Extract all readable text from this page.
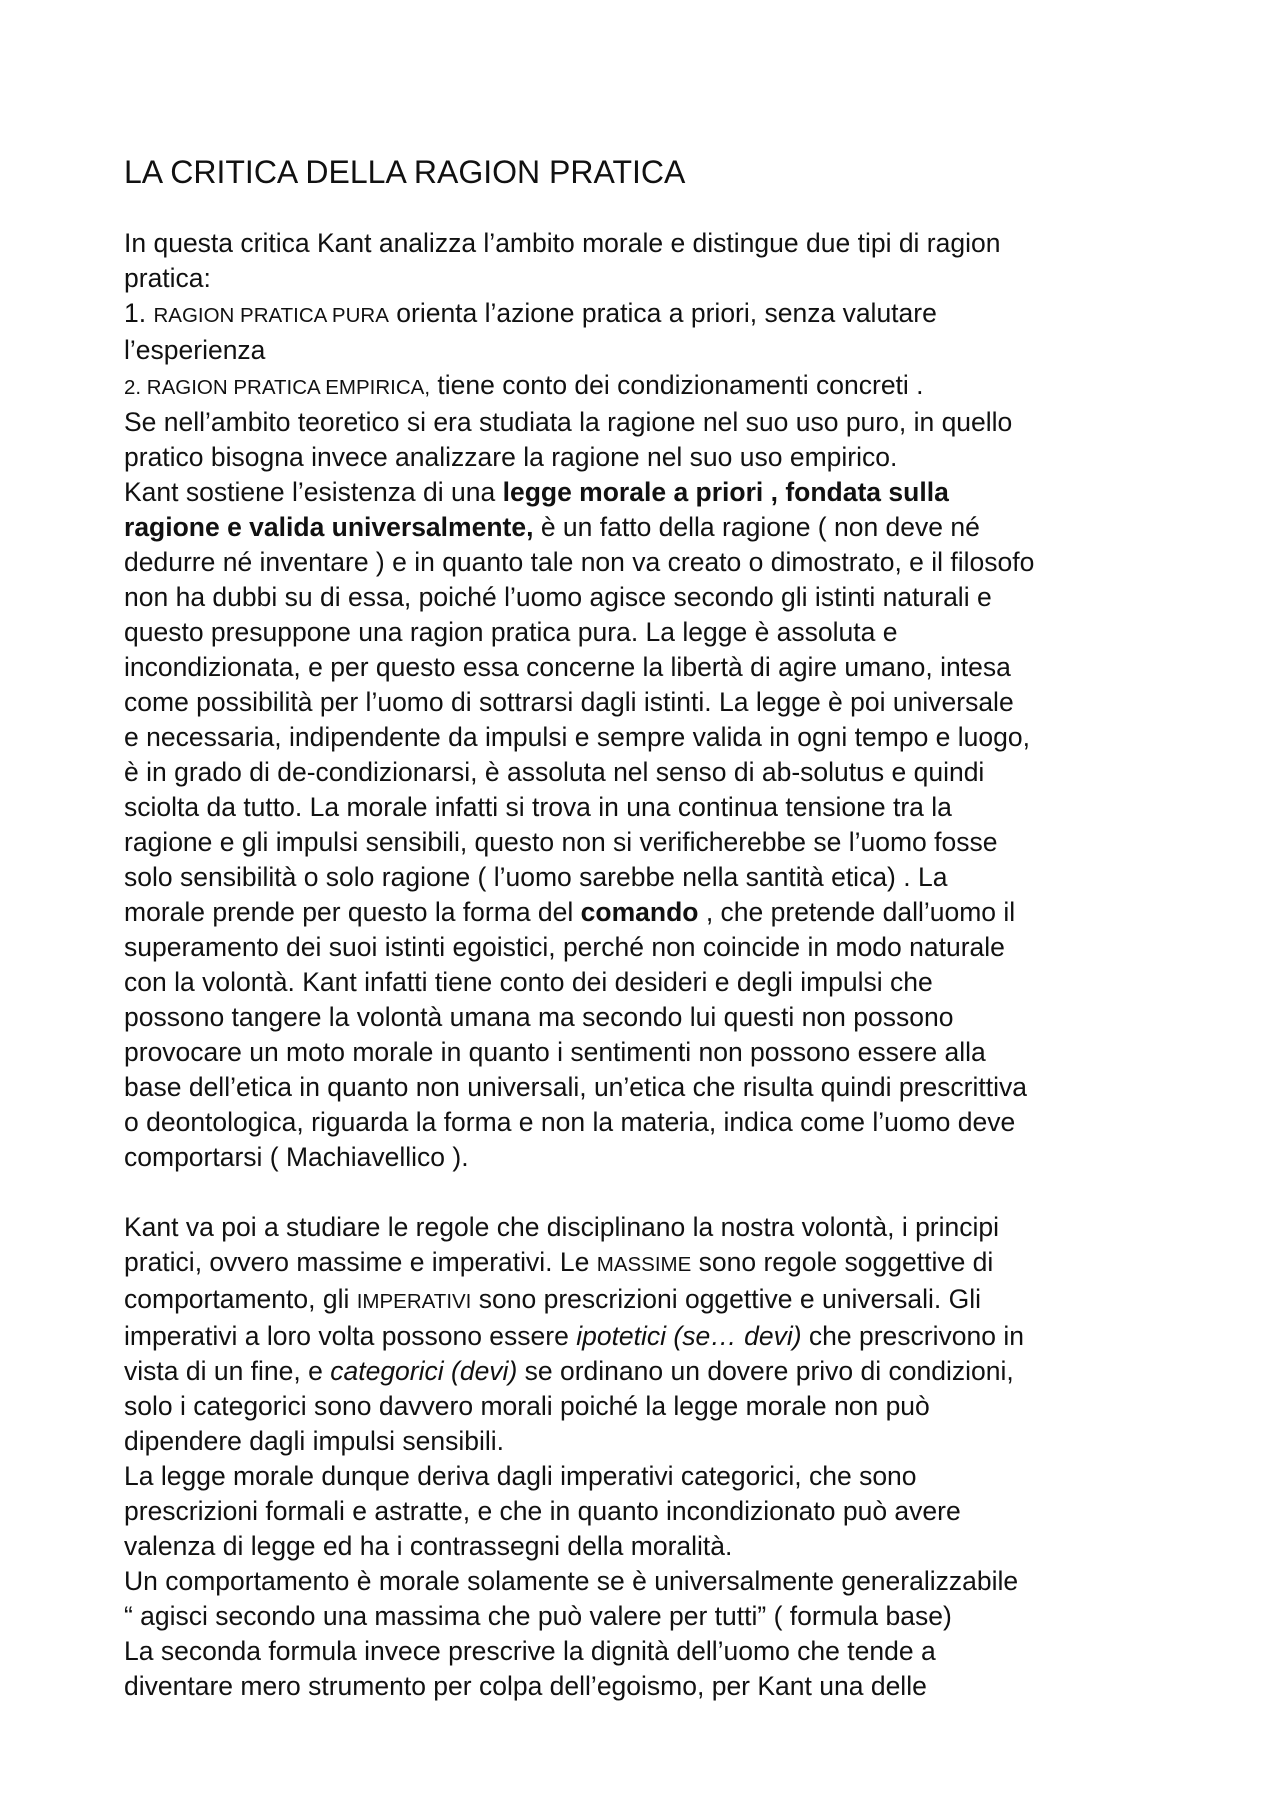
LA CRITICA DELLA RAGION PRATICA
In questa critica Kant analizza l’ambito morale e distingue due tipi di ragion
pratica:
1. RAGION PRATICA PURA orienta l’azione pratica a priori, senza valutare
l’esperienza
2. RAGION PRATICA EMPIRICA, tiene conto dei condizionamenti concreti .
Se nell’ambito teoretico si era studiata la ragione nel suo uso puro, in quello
pratico bisogna invece analizzare la ragione nel suo uso empirico.
Kant sostiene l’esistenza di una legge morale a priori , fondata sulla
ragione e valida universalmente, è un fatto della ragione ( non deve né
dedurre né inventare ) e in quanto tale non va creato o dimostrato, e il filosofo
non ha dubbi su di essa, poiché l’uomo agisce secondo gli istinti naturali e
questo presuppone una ragion pratica pura. La legge è assoluta e
incondizionata, e per questo essa concerne la libertà di agire umano, intesa
come possibilità per l’uomo di sottrarsi dagli istinti. La legge è poi universale
e necessaria, indipendente da impulsi e sempre valida in ogni tempo e luogo,
è in grado di de-condizionarsi, è assoluta nel senso di ab-solutus e quindi
sciolta da tutto. La morale infatti si trova in una continua tensione tra la
ragione e gli impulsi sensibili, questo non si verificherebbe se l’uomo fosse
solo sensibilità o solo ragione ( l’uomo sarebbe nella santità etica) . La
morale prende per questo la forma del comando , che pretende dall’uomo il
superamento dei suoi istinti egoistici, perché non coincide in modo naturale
con la volontà. Kant infatti tiene conto dei desideri e degli impulsi che
possono tangere la volontà umana ma secondo lui questi non possono
provocare un moto morale in quanto i sentimenti non possono essere alla
base dell’etica in quanto non universali, un’etica che risulta quindi prescrittiva
o deontologica, riguarda la forma e non la materia, indica come l’uomo deve
comportarsi ( Machiavellico ).
Kant va poi a studiare le regole che disciplinano la nostra volontà, i principi
pratici, ovvero massime e imperativi. Le MASSIME sono regole soggettive di
comportamento, gli IMPERATIVI sono prescrizioni oggettive e universali. Gli
imperativi a loro volta possono essere ipotetici (se… devi) che prescrivono in
vista di un fine, e categorici (devi) se ordinano un dovere privo di condizioni,
solo i categorici sono davvero morali poiché la legge morale non può
dipendere dagli impulsi sensibili.
La legge morale dunque deriva dagli imperativi categorici, che sono
prescrizioni formali e astratte, e che in quanto incondizionato può avere
valenza di legge ed ha i contrassegni della moralità.
Un comportamento è morale solamente se è universalmente generalizzabile
“ agisci secondo una massima che può valere per tutti” ( formula base)
La seconda formula invece prescrive la dignità dell’uomo che tende a
diventare mero strumento per colpa dell’egoismo, per Kant una delle
